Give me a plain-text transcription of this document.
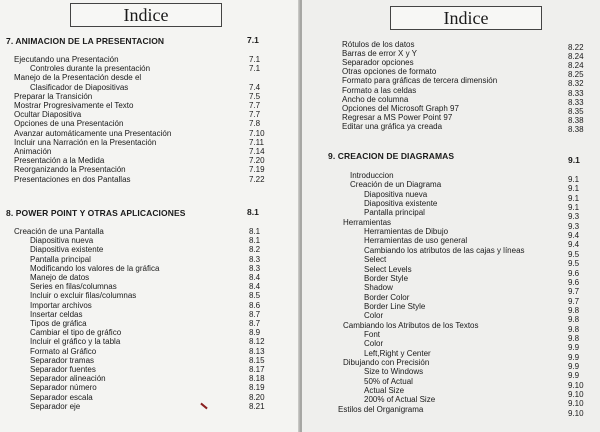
Indice
7. ANIMACION DE LA PRESENTACION	7.1
Ejecutando una Presentación	7.1
Controles durante la presentación	7.1
Manejo de la Presentación desde el
Clasificador de Diapositivas	7.4
Preparar la Transición	7.5
Mostrar Progresivamente el Texto	7.7
Ocultar Diapositiva	7.7
Opciones de una Presentación	7.8
Avanzar automáticamente una Presentación	7.10
Incluir una Narración en la Presentación	7.11
Animación	7.14
Presentación a la Medida	7.20
Reorganizando la Presentación	7.19
Presentaciones en dos Pantallas	7.22
8. POWER POINT Y OTRAS APLICACIONES	8.1
Creación de una Pantalla	8.1
Diapositiva nueva	8.1
Diapositiva existente	8.2
Pantalla principal	8.3
Modificando los valores de la gráfica	8.3
Manejo de datos	8.4
Series en filas/columnas	8.4
Incluir o excluir filas/columnas	8.5
Importar archivos	8.6
Insertar celdas	8.7
Tipos de gráfica	8.7
Cambiar el tipo de gráfico	8.9
Incluir el gráfico y la tabla	8.12
Formato al Gráfico	8.13
Separador tramas	8.15
Separador fuentes	8.17
Separador alineación	8.18
Separador número	8.19
Separador escala	8.20
Separador eje	8.21
Indice
Rótulos de los datos	8.22
Barras de error X y Y	8.24
Separador opciones	8.24
Otras opciones de formato	8.25
Formato para gráficas de tercera dimensión	8.32
Formato a las celdas	8.33
Ancho de columna	8.33
Opciones del Microsoft Graph 97	8.35
Regresar a MS Power Point 97	8.38
Editar una gráfica ya creada	8.38
9. CREACION DE DIAGRAMAS	9.1
Introduccion	9.1
Creación de un Diagrama	9.1
Diapositiva nueva	9.1
Diapositiva existente	9.1
Pantalla principal	9.3
Herramientas	9.3
Herramientas de Dibujo	9.4
Herramientas de uso general	9.4
Cambiando los atributos de las cajas y líneas	9.5
Select	9.5
Select Levels	9.6
Border Style	9.6
Shadow	9.7
Border Color	9.7
Border Line Style	9.8
Color	9.8
Cambiando los Atributos de los Textos	9.8
Font	9.8
Color	9.9
Left,Right y Center	9.9
Dibujando con Precisión	9.9
Size to Windows	9.9
50% of Actual	9.10
Actual Size	9.10
200% of Actual Size	9.10
Estilos del Organigrama	9.10
